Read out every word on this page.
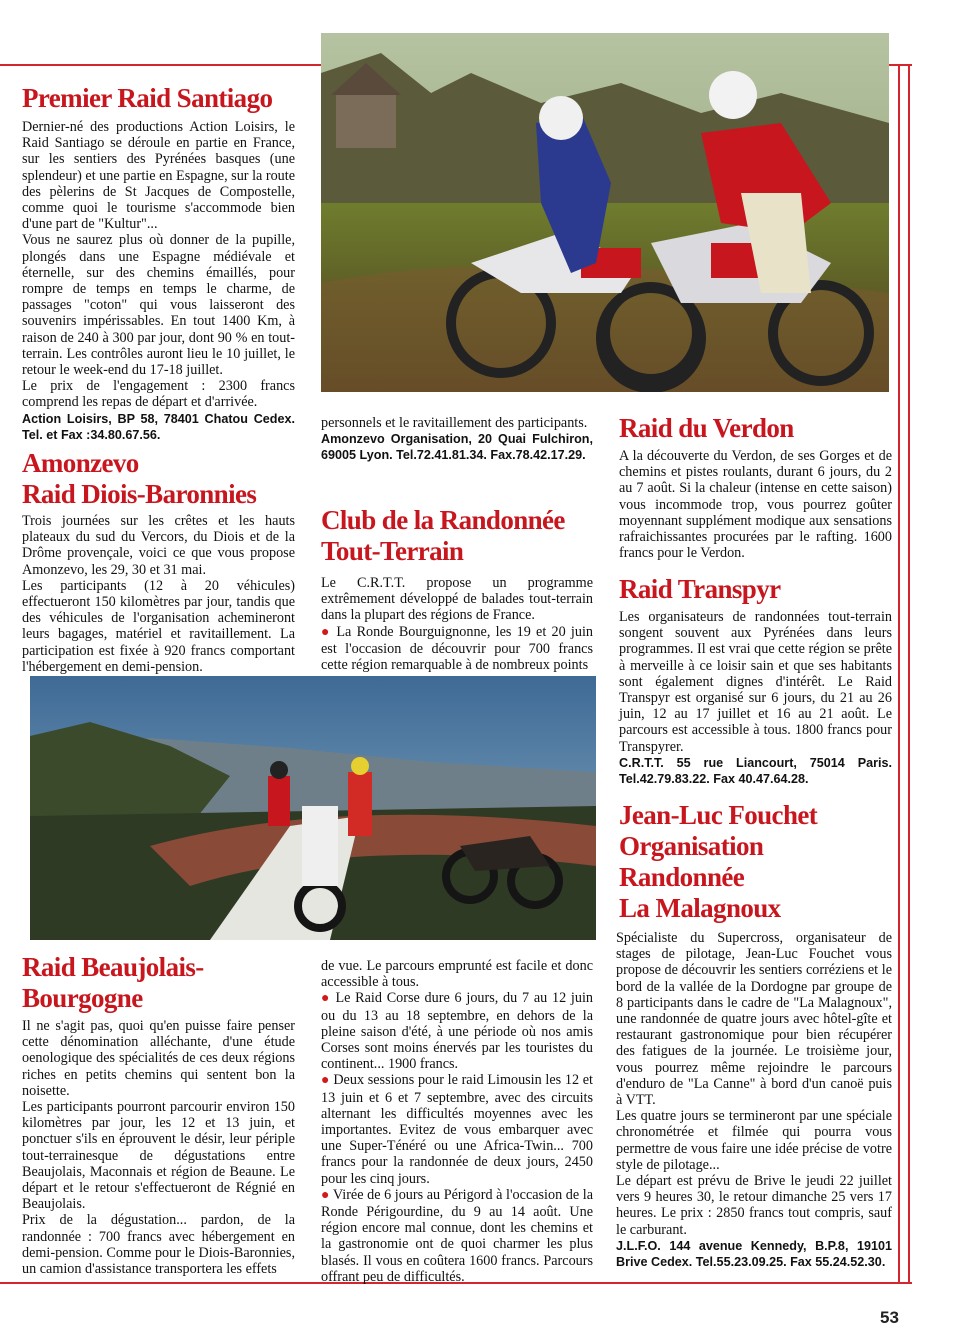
Premier Raid Santiago

Dernier-né des productions Action Loisirs, le Raid Santiago se déroule en partie en France, sur les sentiers des Pyrénées basques (une splendeur) et une partie en Espagne, sur la route des pèlerins de St Jacques de Compostelle, comme quoi le tourisme s'accommode bien d'une part de "Kultur"...

Vous ne saurez plus où donner de la pupille, plongés dans une Espagne médiévale et éternelle, sur des chemins émaillés, pour rompre de temps en temps le charme, de passages "coton" qui vous laisseront des souvenirs impérissables. En tout 1400 Km, à raison de 240 à 300 par jour, dont 90 % en tout-terrain. Les contrôles auront lieu le 10 juillet, le retour le week-end du 17-18 juillet.

Le prix de l'engagement : 2300 francs comprend les repas de départ et d'arrivée.

Action Loisirs, BP 58, 78401 Chatou Cedex. Tel. et Fax :34.80.67.56.

Amonzevo
Raid Diois-Baronnies

Trois journées sur les crêtes et les hauts plateaux du sud du Vercors, du Diois et de la Drôme provençale, voici ce que vous propose Amonzevo, les 29, 30 et 31 mai.

Les participants (12 à 20 véhicules) effectueront 150 kilomètres par jour, tandis que des véhicules de l'organisation achemineront leurs bagages, matériel et ravitaillement. La participation est fixée à 920 francs comportant l'hébergement en demi-pension.

Raid Beaujolais-
Bourgogne

Il ne s'agit pas, quoi qu'en puisse faire penser cette dénomination alléchante, d'une étude oenologique des spécialités de ces deux régions riches en petits chemins qui sentent bon la noisette.

Les participants pourront parcourir environ 150 kilomètres par jour, les 12 et 13 juin, et ponctuer s'ils en éprouvent le désir, leur périple tout-terrainesque de dégustations entre Beaujolais, Maconnais et région de Beaune. Le départ et le retour s'effectueront de Régnié en Beaujolais.

Prix de la dégustation... pardon, de la randonnée : 700 francs avec hébergement en demi-pension. Comme pour le Diois-Baronnies, un camion d'assistance transportera les effets

personnels et le ravitaillement des participants.

Amonzevo Organisation, 20 Quai Fulchiron, 69005 Lyon. Tel.72.41.81.34. Fax.78.42.17.29.

Club de la Randonnée
Tout-Terrain

Le C.R.T.T. propose un programme extrêmement développé de balades tout-terrain dans la plupart des régions de France.

● La Ronde Bourguignonne, les 19 et 20 juin est l'occasion de découvrir pour 700 francs cette région remarquable à de nombreux points

de vue. Le parcours emprunté est facile et donc accessible à tous.

● Le Raid Corse dure 6 jours, du 7 au 12 juin ou du 13 au 18 septembre, en dehors de la pleine saison d'été, à une période où nos amis Corses sont moins énervés par les touristes du continent... 1900 francs.

● Deux sessions pour le raid Limousin les 12 et 13 juin et 6 et 7 septembre, avec des circuits alternant les difficultés moyennes avec les importantes. Evitez de vous embarquer avec une Super-Ténéré ou une Africa-Twin... 700 francs pour la randonnée de deux jours, 2450 pour les cinq jours.

● Virée de 6 jours au Périgord à l'occasion de la Ronde Périgourdine, du 9 au 14 août. Une région encore mal connue, dont les chemins et la gastronomie ont de quoi charmer les plus blasés. Il vous en coûtera 1600 francs. Parcours offrant peu de difficultés.

Raid du Verdon

A la découverte du Verdon, de ses Gorges et de chemins et pistes roulants, durant 6 jours, du 2 au 7 août. Si la chaleur (intense en cette saison) vous incommode trop, vous pourrez goûter moyennant supplément modique aux sensations rafraichissantes procurées par le rafting. 1600 francs pour le Verdon.

Raid Transpyr

Les organisateurs de randonnées tout-terrain songent souvent aux Pyrénées dans leurs programmes. Il est vrai que cette région se prête à merveille à ce loisir sain et que ses habitants sont également dignes d'intérêt. Le Raid Transpyr est organisé sur 6 jours, du 21 au 26 juin, 12 au 17 juillet et 16 au 21 août. Le parcours est accessible à tous. 1800 francs pour Transpyrer.

C.R.T.T. 55 rue Liancourt, 75014 Paris. Tel.42.79.83.22. Fax 40.47.64.28.

Jean-Luc Fouchet
Organisation
Randonnée
La Malagnoux

Spécialiste du Supercross, organisateur de stages de pilotage, Jean-Luc Fouchet vous propose de découvrir les sentiers corréziens et le bord de la vallée de la Dordogne par groupe de 8 participants dans le cadre de "La Malagnoux", une randonnée de quatre jours avec hôtel-gîte et restaurant gastronomique pour bien récupérer des fatigues de la journée. Le troisième jour, vous pourrez même rejoindre le parcours d'enduro de "La Canne" à bord d'un canoë puis à VTT.

Les quatre jours se termineront par une spéciale chronométrée et filmée qui pourra vous permettre de vous faire une idée précise de votre style de pilotage...

Le départ est prévu de Brive le jeudi 22 juillet vers 9 heures 30, le retour dimanche 25 vers 17 heures. Le prix : 2850 francs tout compris, sauf le carburant.

J.L.F.O. 144 avenue Kennedy, B.P.8, 19101 Brive Cedex. Tel.55.23.09.25. Fax 55.24.52.30.

53
